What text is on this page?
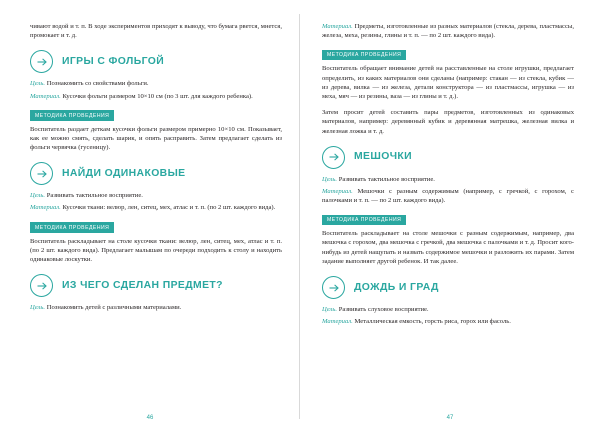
чивают водой и т. п. В ходе экспериментов приходят к выводу, что бумага рвется, мнется, промокает и т. д.

ИГРЫ С ФОЛЬГОЙ

Цель. Познакомить со свойствами фольги.

Материал. Кусочки фольги размером 10×10 см (по 3 шт. для каждого ребенка).

МЕТОДИКА ПРОВЕДЕНИЯ

Воспитатель раздает деткам кусочки фольги размером примерно 10×10 см. Показывает, как ее можно смять, сделать шарик, и опять расправить. Затем предлагает сделать из фольги червячка (гусеницу).

НАЙДИ ОДИНАКОВЫЕ

Цель. Развивать тактильное восприятие.

Материал. Кусочки ткани: велюр, лен, ситец, мех, атлас и т. п. (по 2 шт. каждого вида).

МЕТОДИКА ПРОВЕДЕНИЯ

Воспитатель раскладывает на столе кусочки ткани: велюр, лен, ситец, мех, атлас и т. п. (по 2 шт. каждого вида). Предлагает малышам по очереди подходить к столу и находить одинаковые лоскутки.

ИЗ ЧЕГО СДЕЛАН ПРЕДМЕТ?

Цель. Познакомить детей с различными материалами.

46

Материал. Предметы, изготовленные из разных материалов (стекла, дерева, пластмассы, железа, меха, резины, глины и т. п. — по 2 шт. каждого вида).

МЕТОДИКА ПРОВЕДЕНИЯ

Воспитатель обращает внимание детей на расставленные на столе игрушки, предлагает определить, из каких материалов они сделаны (например: стакан — из стекла, кубик — из дерева, вилка — из железа, детали конструктора — из пластмассы, игрушка — из меха, мяч — из резины, ваза — из глины и т. д.).

Затем просит детей составить пары предметов, изготовленных из одинаковых материалов, например: деревянный кубик и деревянная матрешка, железная вилка и железная ложка и т. д.

МЕШОЧКИ

Цель. Развивать тактильное восприятие.

Материал. Мешочки с разным содержимым (например, с гречкой, с горохом, с палочками и т. п. — по 2 шт. каждого вида).

МЕТОДИКА ПРОВЕДЕНИЯ

Воспитатель раскладывает на столе мешочки с разным содержимым, например, два мешочка с горохом, два мешочка с гречкой, два мешочка с палочками и т. д. Просит кого-нибудь из детей нащупать и назвать содержимое мешочки и разложить их парами. Затем задание выполняет другой ребенок. И так далее.

ДОЖДЬ И ГРАД

Цель. Развивать слуховое восприятие.

Материал. Металлическая емкость, горсть риса, горох или фасоль.

47
